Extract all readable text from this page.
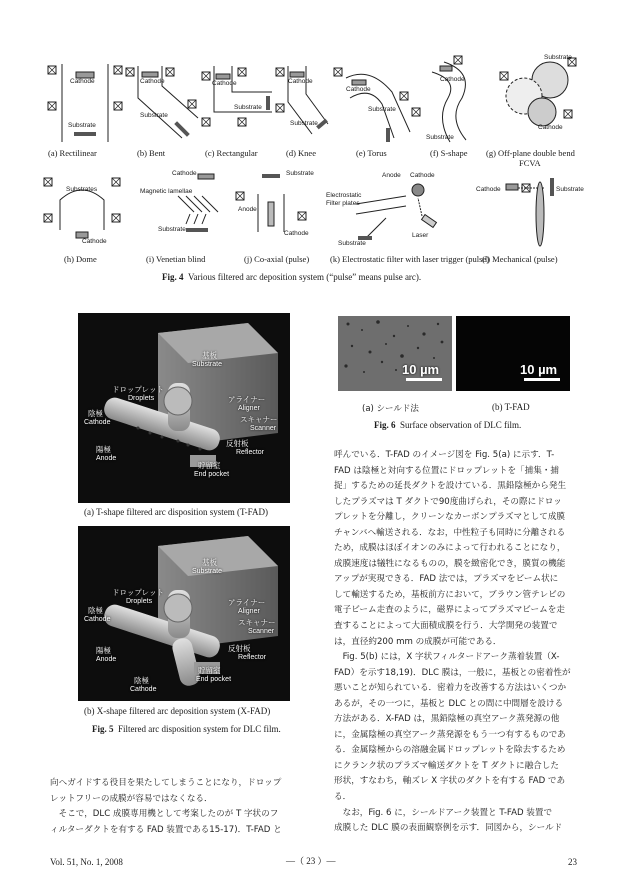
Cathode
Substrate
(a) Rectilinear
Cathode
Substrate
(b) Bent
Cathode
Substrate
(c) Rectangular
Cathode
Substrate
(d) Knee
Cathode
Substrate
(e) Torus
Cathode
Substrate
(f) S-shape
Substrate
Cathode
(g) Off-plane double bend
FCVA
Substrates
Cathode
(h) Dome
Cathode
Magnetic lamellae
Substrate
(i) Venetian blind
Substrate
Anode
Cathode
(j) Co-axial (pulse)
Anode Cathode
Electrostatic
Filter plates
Laser
Substrate
(k) Electrostatic filter with laser trigger (pulse)
Cathode	Substrate
(l) Mechanical (pulse)
Fig. 4 Various filtered arc deposition system (“pulse” means pulse arc).
基板
Substrate
ドロップレット
Droplets	アライナー
Aligner
スキャナー
Scanner
陰極
Cathode
陽極
Anode
反射板
Reflector
貯留室
End pocket
(a) T-shape filtered arc disposition system (T-FAD)
基板
Substrate
ドロップレット
Droplets	アライナー
Aligner
スキャナー
Scanner
陰極
Cathode
陽極
Anode
反射板
Reflector
貯留室
End pocket
陰極
Cathode
(b) X-shape filtered arc deposition system (X-FAD)
Fig. 5 Filtered arc disposition system for DLC film.
10 µm	10 µm
(a) シールド法	(b) T-FAD
Fig. 6 Surface observation of DLC film.

向へガイドする役目を果たしてしまうことになり，ドロップ

レットフリーの成膜が容易ではなくなる．

　そこで，DLC 成膜専用機として考案したのが T 字状のフ

ィルターダクトを有する FAD 装置である15-17)．T-FAD と

呼んでいる．T-FAD のイメージ図を Fig. 5(a) に示す．T-

FAD は陰極と対向する位置にドロップレットを「捕集・捕

捉」するための延長ダクトを設けている．黒鉛陰極から発生

したプラズマは T ダクトで90度曲げられ，その際にドロッ

プレットを分離し，クリーンなカーボンプラズマとして成膜

チャンバへ輸送される．なお，中性粒子も同時に分離される

ため，成膜はほぼイオンのみによって行われることになり，

成膜速度は犠牲になるものの，膜を緻密化でき，膜質の機能

アップが実現できる．FAD 法では，プラズマをビーム状に

して輸送するため，基板前方において，ブラウン管テレビの

電子ビーム走査のように，磁界によってプラズマビームを走

査することによって大面積成膜を行う．大学開発の装置で

は，直径約200 mm の成膜が可能である．

　Fig. 5(b) には，X 字状フィルタードアーク蒸着装置（X-

FAD）を示す18,19)．DLC 膜は，一般に，基板との密着性が

悪いことが知られている．密着力を改善する方法はいくつか

あるが，その一つに，基板と DLC との間に中間層を設ける

方法がある．X-FAD は，黒鉛陰極の真空アーク蒸発源の他

に，金属陰極の真空アーク蒸発源をもう一つ有するものであ

る．金属陰極からの溶融金属ドロップレットを除去するため

にクランク状のプラズマ輸送ダクトを T ダクトに融合した

形状，すなわち，軸ズレ X 字状のダクトを有する FAD であ

る．

　なお，Fig. 6 に，シールドアーク装置と T-FAD 装置で

成膜した DLC 膜の表面観察例を示す．同図から，シールド

Vol. 51, No. 1, 2008	—（ 23 ）—	23
